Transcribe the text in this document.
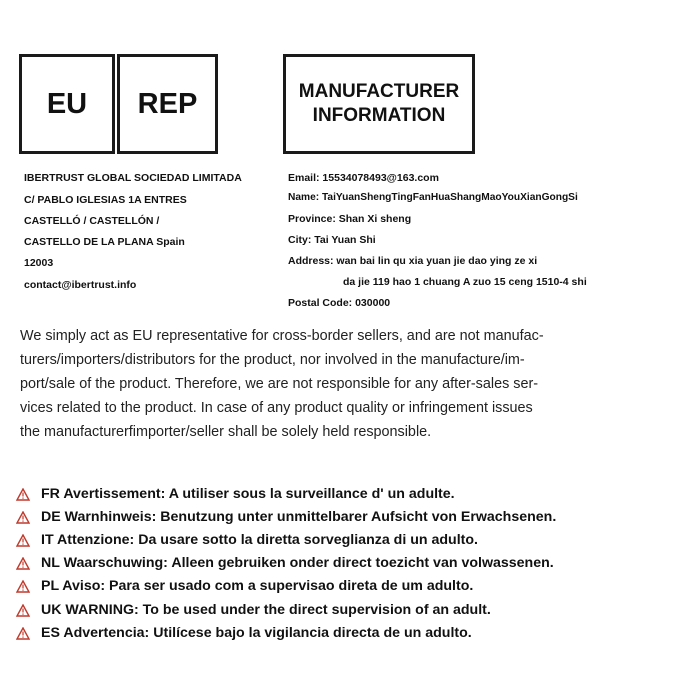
EU REP	MANUFACTURER
INFORMATION
IBERTRUST GLOBAL SOCIEDAD LIMITADA
C/ PABLO IGLESIAS 1A ENTRES
CASTELLÓ / CASTELLÓN /
CASTELLO DE LA PLANA Spain
12003
contact@ibertrust.info
Email: 15534078493@163.com
Name: TaiYuanShengTingFanHuaShangMaoYouXianGongSi
Province: Shan Xi sheng
City: Tai Yuan Shi
Address: wan bai lin qu xia yuan jie dao ying ze xi
da jie 119 hao 1 chuang A zuo 15 ceng 1510-4 shi
Postal Code: 030000
We simply act as EU representative for cross-border sellers, and are not manufac-
turers/importers/distributors for the product, nor involved in the manufacture/im-
port/sale of the product. Therefore, we are not responsible for any after-sales ser-
vices related to the product. In case of any product quality or infringement issues
the manufacturerfimporter/seller shall be solely held responsible.
FR Avertissement: A utiliser sous la surveillance d' un adulte.
DE Warnhinweis: Benutzung unter unmittelbarer Aufsicht von Erwachsenen.
IT Attenzione: Da usare sotto la diretta sorveglianza di un adulto.
NL Waarschuwing: Alleen gebruiken onder direct toezicht van volwassenen.
PL Aviso: Para ser usado com a supervisao direta de um adulto.
UK WARNING: To be used under the direct supervision of an adult.
ES Advertencia: Utilícese bajo la vigilancia directa de un adulto.
